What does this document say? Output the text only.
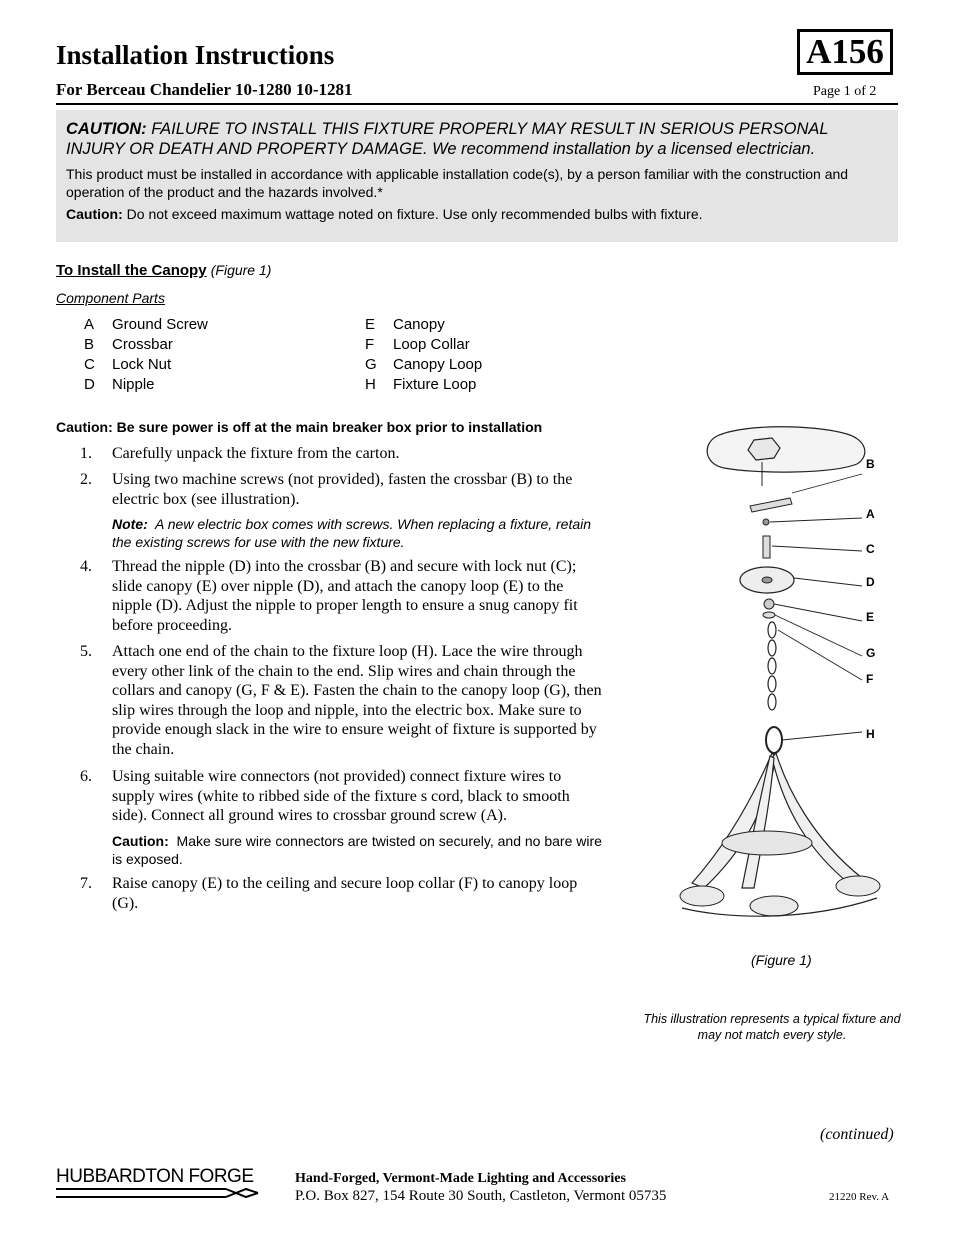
Installation Instructions
For Berceau Chandelier 10-1280 10-1281
A156
Page 1 of 2
CAUTION: FAILURE TO INSTALL THIS FIXTURE PROPERLY MAY RESULT IN SERIOUS PERSONAL INJURY OR DEATH AND PROPERTY DAMAGE. We recommend installation by a licensed electrician.
This product must be installed in accordance with applicable installation code(s), by a person familiar with the construction and operation of the product and the hazards involved.*
Caution: Do not exceed maximum wattage noted on fixture. Use only recommended bulbs with fixture.
To Install the Canopy (Figure 1)
Component Parts
A Ground Screw
B Crossbar
C Lock Nut
D Nipple
E Canopy
F Loop Collar
G Canopy Loop
H Fixture Loop
Caution: Be sure power is off at the main breaker box prior to installation
1. Carefully unpack the fixture from the carton.
2. Using two machine screws (not provided), fasten the crossbar (B) to the electric box (see illustration).
Note: A new electric box comes with screws. When replacing a fixture, retain the existing screws for use with the new fixture.
4. Thread the nipple (D) into the crossbar (B) and secure with lock nut (C); slide canopy (E) over nipple (D), and attach the canopy loop (E) to the nipple (D). Adjust the nipple to proper length to ensure a snug canopy fit before proceeding.
5. Attach one end of the chain to the fixture loop (H). Lace the wire through every other link of the chain to the end. Slip wires and chain through the collars and canopy (G, F & E). Fasten the chain to the canopy loop (G), then slip wires through the loop and nipple, into the electric box. Make sure to provide enough slack in the wire to ensure weight of fixture is supported by the chain.
6. Using suitable wire connectors (not provided) connect fixture wires to supply wires (white to ribbed side of the fixture s cord, black to smooth side). Connect all ground wires to crossbar ground screw (A).
Caution: Make sure wire connectors are twisted on securely, and no bare wire is exposed.
7. Raise canopy (E) to the ceiling and secure loop collar (F) to canopy loop (G).
B
A
C
D
E
G
F
H
(Figure 1)
This illustration represents a typical fixture and may not match every style.
(continued)
HUBBARDTON FORGE	Hand-Forged, Vermont-Made Lighting and Accessories
P.O. Box 827, 154 Route 30 South, Castleton, Vermont 05735	21220 Rev. A
